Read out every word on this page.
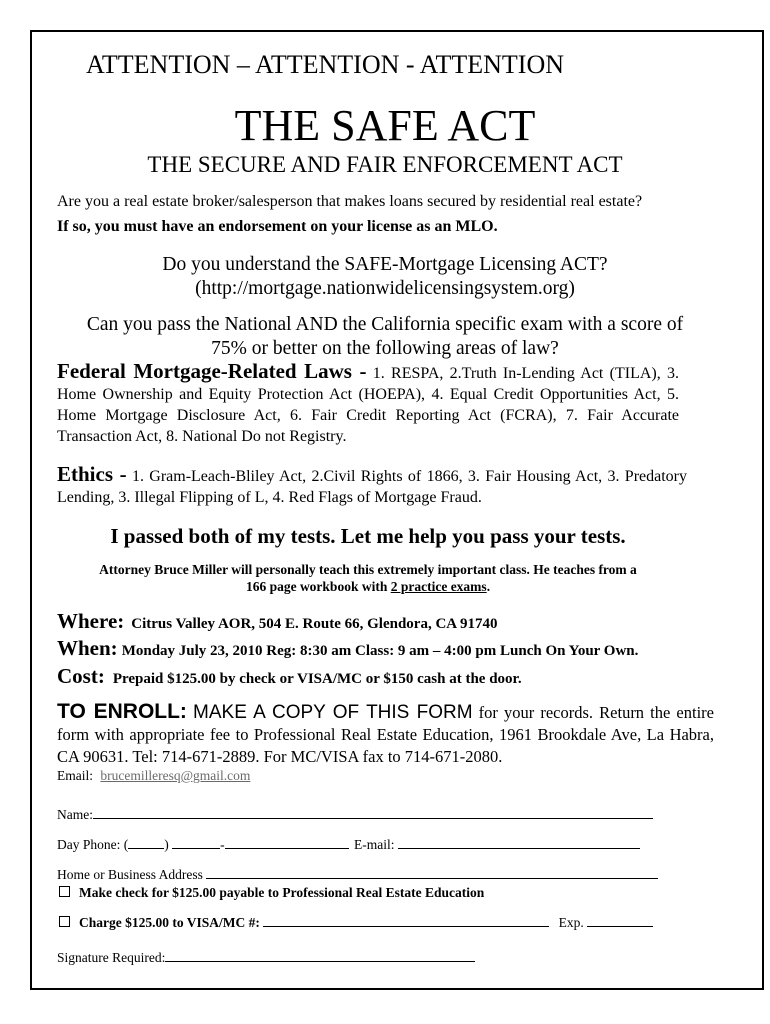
ATTENTION – ATTENTION - ATTENTION
THE SAFE ACT
THE SECURE AND FAIR ENFORCEMENT ACT
Are you a real estate broker/salesperson that makes loans secured by residential real estate?
If so, you must have an endorsement on your license as an MLO.
Do you understand the SAFE-Mortgage Licensing ACT?
(http://mortgage.nationwidelicensingsystem.org)
Can you pass the National AND the California specific exam with a score of
75% or better on the following areas of law?
Federal Mortgage-Related Laws - 1. RESPA, 2.Truth In-Lending Act (TILA), 3. Home Ownership and Equity Protection Act (HOEPA), 4. Equal Credit Opportunities Act, 5. Home Mortgage Disclosure Act, 6. Fair Credit Reporting Act (FCRA), 7. Fair Accurate Transaction Act, 8. National Do not Registry.
Ethics - 1. Gram-Leach-Bliley Act, 2.Civil Rights of 1866, 3. Fair Housing Act, 3. Predatory Lending, 3. Illegal Flipping of L, 4. Red Flags of Mortgage Fraud.
I passed both of my tests. Let me help you pass your tests.
Attorney Bruce Miller will personally teach this extremely important class. He teaches from a
166 page workbook with 2 practice exams.
Where: Citrus Valley AOR, 504 E. Route 66, Glendora, CA 91740
When: Monday July 23, 2010 Reg: 8:30 am Class: 9 am – 4:00 pm Lunch On Your Own.
Cost: Prepaid $125.00 by check or VISA/MC or $150 cash at the door.
TO ENROLL: MAKE A COPY OF THIS FORM for your records. Return the entire form with appropriate fee to Professional Real Estate Education, 1961 Brookdale Ave, La Habra, CA 90631. Tel: 714-671-2889. For MC/VISA fax to 714-671-2080.
Email: brucemilleresq@gmail.com
Name:
Day Phone: (	)	-	E-mail:
Home or Business Address
Make check for $125.00 payable to Professional Real Estate Education
Charge $125.00 to VISA/MC #:	Exp.
Signature Required:
